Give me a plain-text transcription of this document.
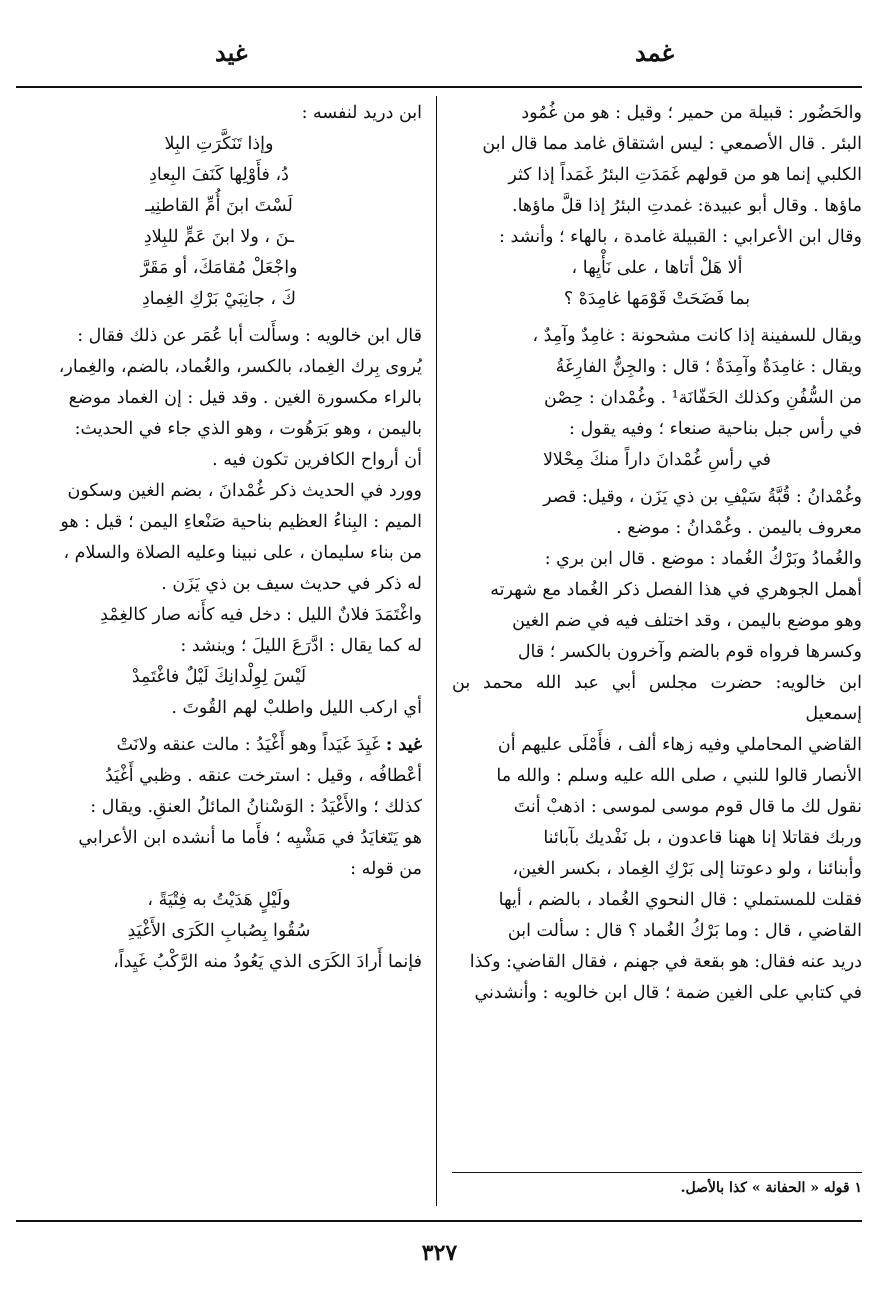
غمد
غيد

والحَضُور : قبيلة من حمير ؛ وقيل : هو من غُمُود

البئر . قال الأصمعي : ليس اشتقاق غامد مما قال ابن

الكلبي إنما هو من قولهم غَمَدَتِ البئرُ غَمَداً إذا كثر

ماؤها . وقال أبو عبيدة: غمدتِ البئرُ إذا قلَّ ماؤها.

وقال ابن الأعرابي : القبيلة غامدة ، بالهاء ؛ وأنشد :

ألا هَلْ أتاها ، على نَأْيِها ،

بما فَضَحَتْ قَوْمَها غامِدَهْ ؟

ويقال للسفينة إذا كانت مشحونة : غامِدٌ وآمِدٌ ،

ويقال : غامِدَةٌ وآمِدَةٌ ؛ قال : والجِنُّ الفارِغَةُ

من السُّفُنِ وكذلك الحَفّانَة¹ . وغُمْدان : حِصْن

في رأس جبل بناحية صنعاء ؛ وفيه يقول :

في رأسِ غُمْدانَ داراً منكَ مِحْلالا

وغُمْدانُ : قُبَّةُ سَيْفِ بن ذي يَزَن ، وقيل: قصر

معروف باليمن . وغُمْدانُ : موضع .

والغُمادُ وبَرْكُ الغُماد : موضع . قال ابن بري :

أهمل الجوهري في هذا الفصل ذكر الغُماد مع شهرته

وهو موضع باليمن ، وقد اختلف فيه في ضم الغين

وكسرها فرواه قوم بالضم وآخرون بالكسر ؛ قال

ابن خالويه: حضرت مجلس أبي عبد الله محمد بن إسمعيل

القاضي المحاملي وفيه زهاء ألف ، فأَمْلَى عليهم أن

الأنصار قالوا للنبي ، صلى الله عليه وسلم : والله ما

نقول لك ما قال قوم موسى لموسى : اذهبْ أنتَ

وربك فقاتلا إنا ههنا قاعدون ، بل نَفْديك بآبائنا

وأبنائنا ، ولو دعوتنا إلى بَرْكِ الغِماد ، بكسر الغين،

فقلت للمستملي : قال النحوي الغُماد ، بالضم ، أيها

القاضي ، قال : وما بَرْكُ الغُماد ؟ قال : سألت ابن

دريد عنه فقال: هو بقعة في جهنم ، فقال القاضي: وكذا

في كتابي على الغين ضمة ؛ قال ابن خالويه : وأنشدني

ابن دريد لنفسه :

وإذا تَنَكَّرَتِ البِلا

دُ، فأَوْلِها كَنَفَ البِعادِ

لَسْتَ ابنَ أُمِّ القاطنِيـ

ـنَ ، ولا ابنَ عَمٍّ للبِلادِ

واجْعَلْ مُقامَكَ، أو مَقَرَّ

كَ ، جانِبَيْ بَرْكِ الغِمادِ

قال ابن خالويه : وسأَلت أبا عُمَر عن ذلك فقال :

يُروى بِرك الغِماد، بالكسر، والغُماد، بالضم، والغِمار،

بالراء مكسورة الغين . وقد قيل : إن الغماد موضع

باليمن ، وهو بَرَهُوت ، وهو الذي جاء في الحديث:

أن أرواح الكافرين تكون فيه .

وورد في الحديث ذكر غُمْدانَ ، بضم الغين وسكون

الميم : البِناءُ العظيم بناحية صَنْعاءِ اليمن ؛ قيل : هو

من بناء سليمان ، على نبينا وعليه الصلاة والسلام ،

له ذكر في حديث سيف بن ذي يَزَن .

واغْتَمَدَ فلانٌ الليل : دخل فيه كأَنه صار كالغِمْدِ

له كما يقال : ادَّرَعَ الليلَ ؛ وينشد :

لَيْسَ لِوِلْدانِكَ لَيْلٌ فاغْتَمِدْ

أي اركب الليل واطلبْ لهم القُوتَ .

غيد : غَيِدَ غَيَداً وهو أَغْيَدُ : مالت عنقه ولانَتْ

أعْطافُه ، وقيل : استرخت عنقه . وظبي أَغْيَدُ

كذلك ؛ والأَغْيَدُ : الوَسْنانُ المائلُ العنقِ. ويقال :

هو يَتَغايَدُ في مَشْيِه ؛ فأَما ما أنشده ابن الأعرابي

من قوله :

ولَيْلٍ هَدَيْتُ به فِتْيَةً ،

سُقُوا بِصُبابِ الكَرَى الأَغْيَدِ

فإنما أَرادَ الكَرَى الذي يَعُودُ منه الرَّكْبُ غَيِداً،

١ قوله « الحفانة » كذا بالأصل.
٣٢٧
